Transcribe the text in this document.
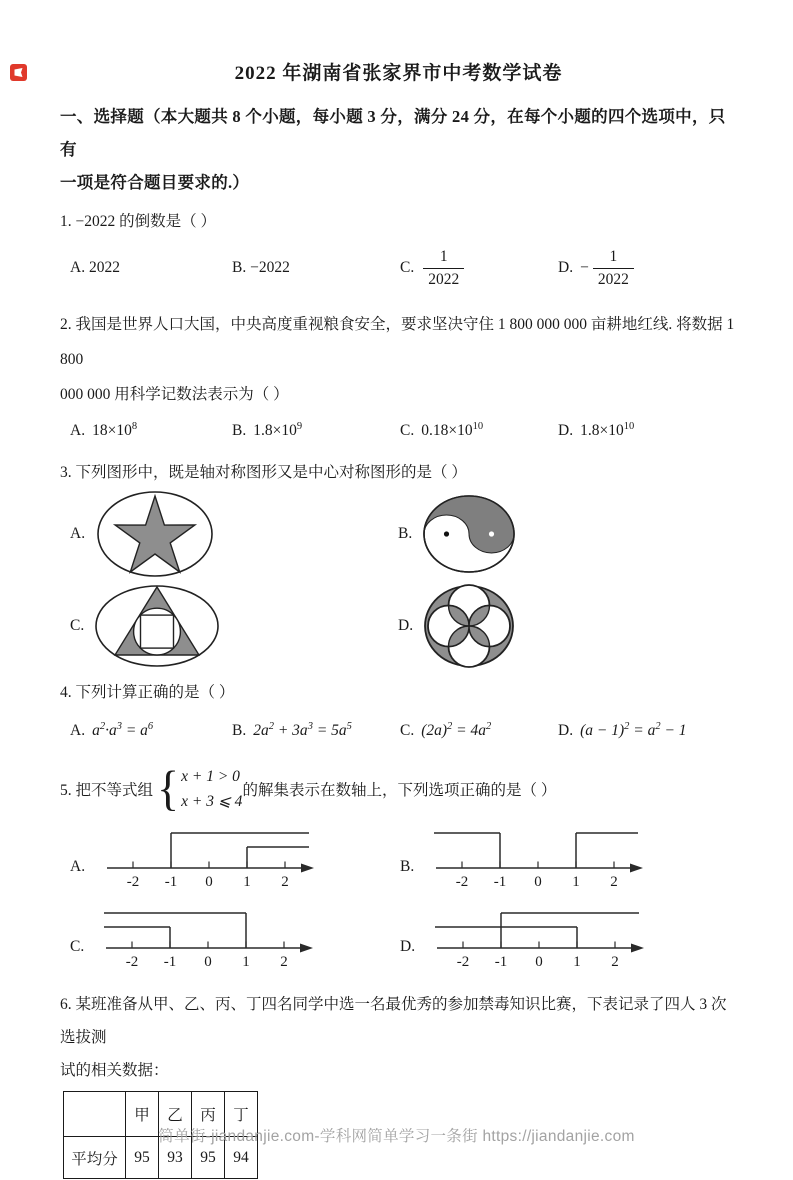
2022 年湖南省张家界市中考数学试卷

一、选择题（本大题共 8 个小题，每小题 3 分，满分 24 分，在每个小题的四个选项中，只有

一项是符合题目要求的.）

1. −2022 的倒数是（ ）

A. 2022	B. −2022	C. $\frac{1}{2022}$	D. − $\frac{1}{2022}$

2. 我国是世界人口大国，中央高度重视粮食安全，要求坚决守住 1 800 000 000 亩耕地红线. 将数据 1 800

000 000 用科学记数法表示为（ ）

A. $18\times 10^8$	B. $1.8\times 10^9$	C. $0.18\times 10^{10}$	D. $1.8\times 10^{10}$

3. 下列图形中，既是轴对称图形又是中心对称图形的是（ ）

A.	B.
C.	D.

4. 下列计算正确的是（ ）

A. $a^2\cdot a^3 = a^6$	B. $2a^2 + 3a^3 = 5a^5$	C. $(2a)^2 = 4a^2$	D. $(a - 1)^2 = a^2 - 1$
5. 把不等式组 { x + 1 > 0
x + 3 ⩽ 4
的解集表示在数轴上，下列选项正确的是（ ）
A.
-2 -1 0 1 2
B.
-2 -1 0 1 2
C.
-2 -1 0 1 2
D.
-2 -1 0 1 2

6. 某班准备从甲、乙、丙、丁四名同学中选一名最优秀的参加禁毒知识比赛，下表记录了四人 3 次选拔测

试的相关数据：

	甲	乙	丙	丁
平均分	95	93	95	94
简单街-jiandanjie.com-学科网简单学习一条街 https://jiandanjie.com
